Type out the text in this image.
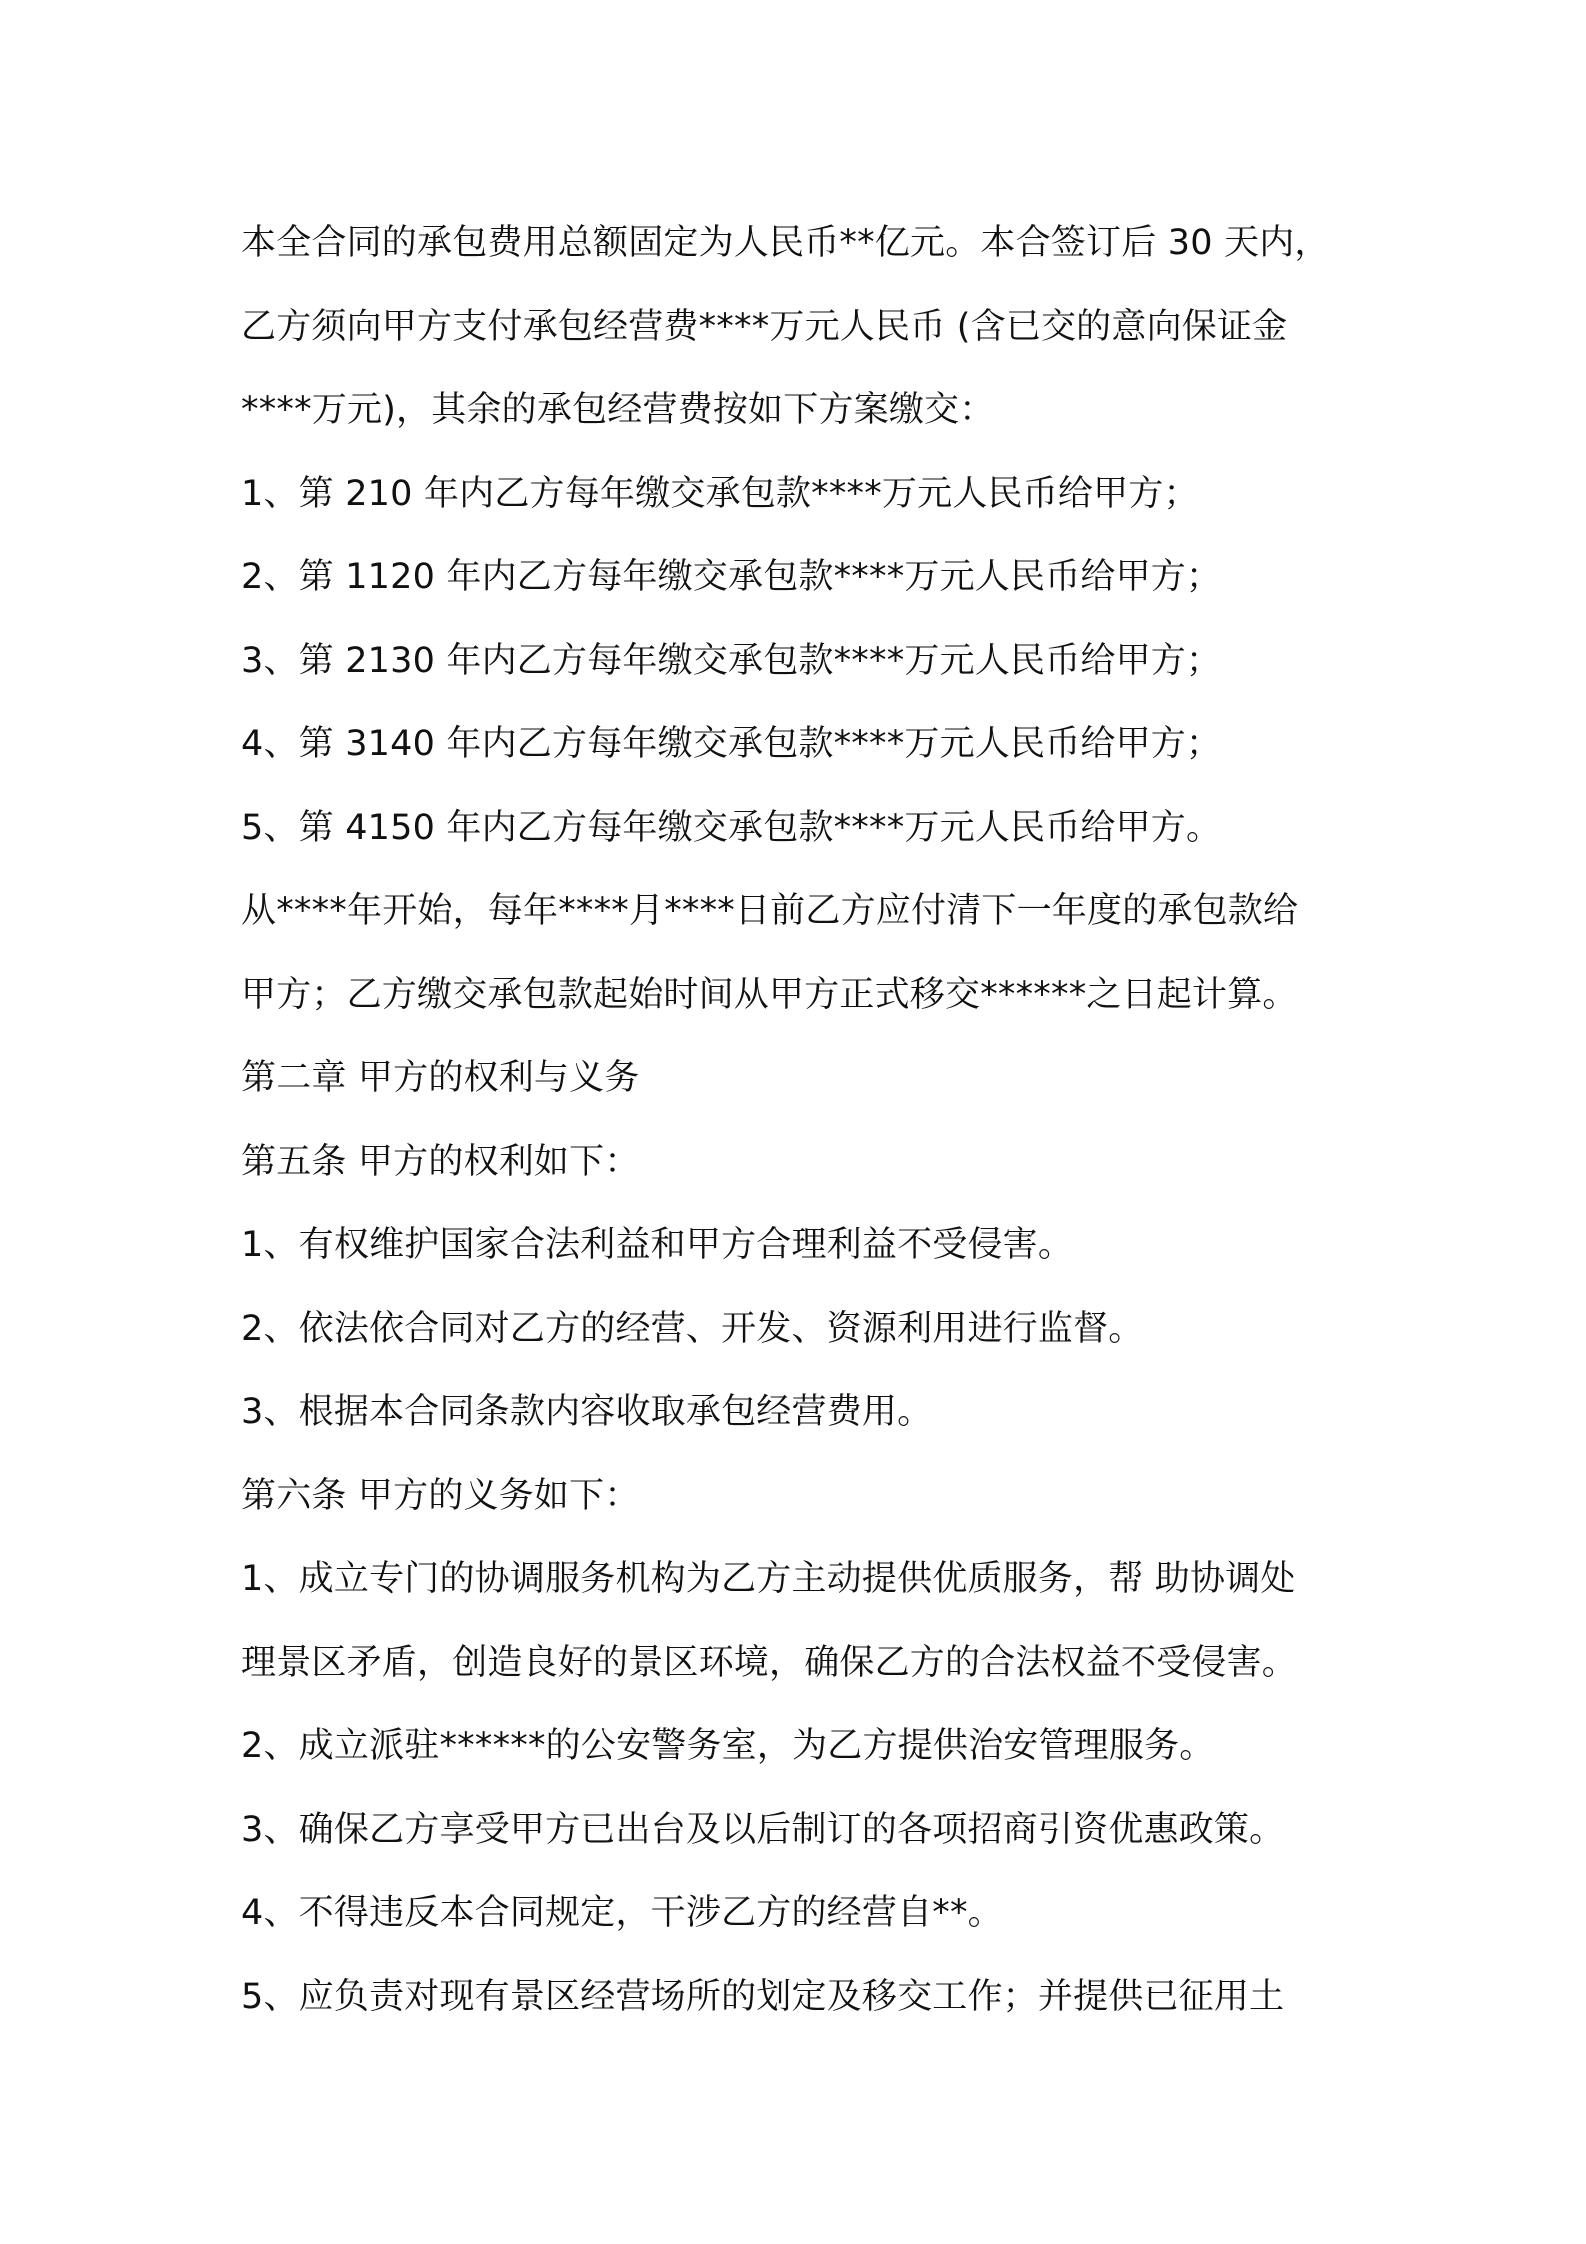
本全合同的承包费用总额固定为人民币**亿元。本合签订后 30 天内，
乙方须向甲方支付承包经营费****万元人民币 (含已交的意向保证金
****万元)，其余的承包经营费按如下方案缴交：
1、第 210 年内乙方每年缴交承包款****万元人民币给甲方；
2、第 1120 年内乙方每年缴交承包款****万元人民币给甲方；
3、第 2130 年内乙方每年缴交承包款****万元人民币给甲方；
4、第 3140 年内乙方每年缴交承包款****万元人民币给甲方；
5、第 4150 年内乙方每年缴交承包款****万元人民币给甲方。
从****年开始，每年****月****日前乙方应付清下一年度的承包款给
甲方；乙方缴交承包款起始时间从甲方正式移交******之日起计算。
第二章 甲方的权利与义务
第五条 甲方的权利如下：
1、有权维护国家合法利益和甲方合理利益不受侵害。
2、依法依合同对乙方的经营、开发、资源利用进行监督。
3、根据本合同条款内容收取承包经营费用。
第六条 甲方的义务如下：
1、成立专门的协调服务机构为乙方主动提供优质服务，帮 助协调处
理景区矛盾，创造良好的景区环境，确保乙方的合法权益不受侵害。
2、成立派驻******的公安警务室，为乙方提供治安管理服务。
3、确保乙方享受甲方已出台及以后制订的各项招商引资优惠政策。
4、不得违反本合同规定，干涉乙方的经营自**。
5、应负责对现有景区经营场所的划定及移交工作；并提供已征用土
